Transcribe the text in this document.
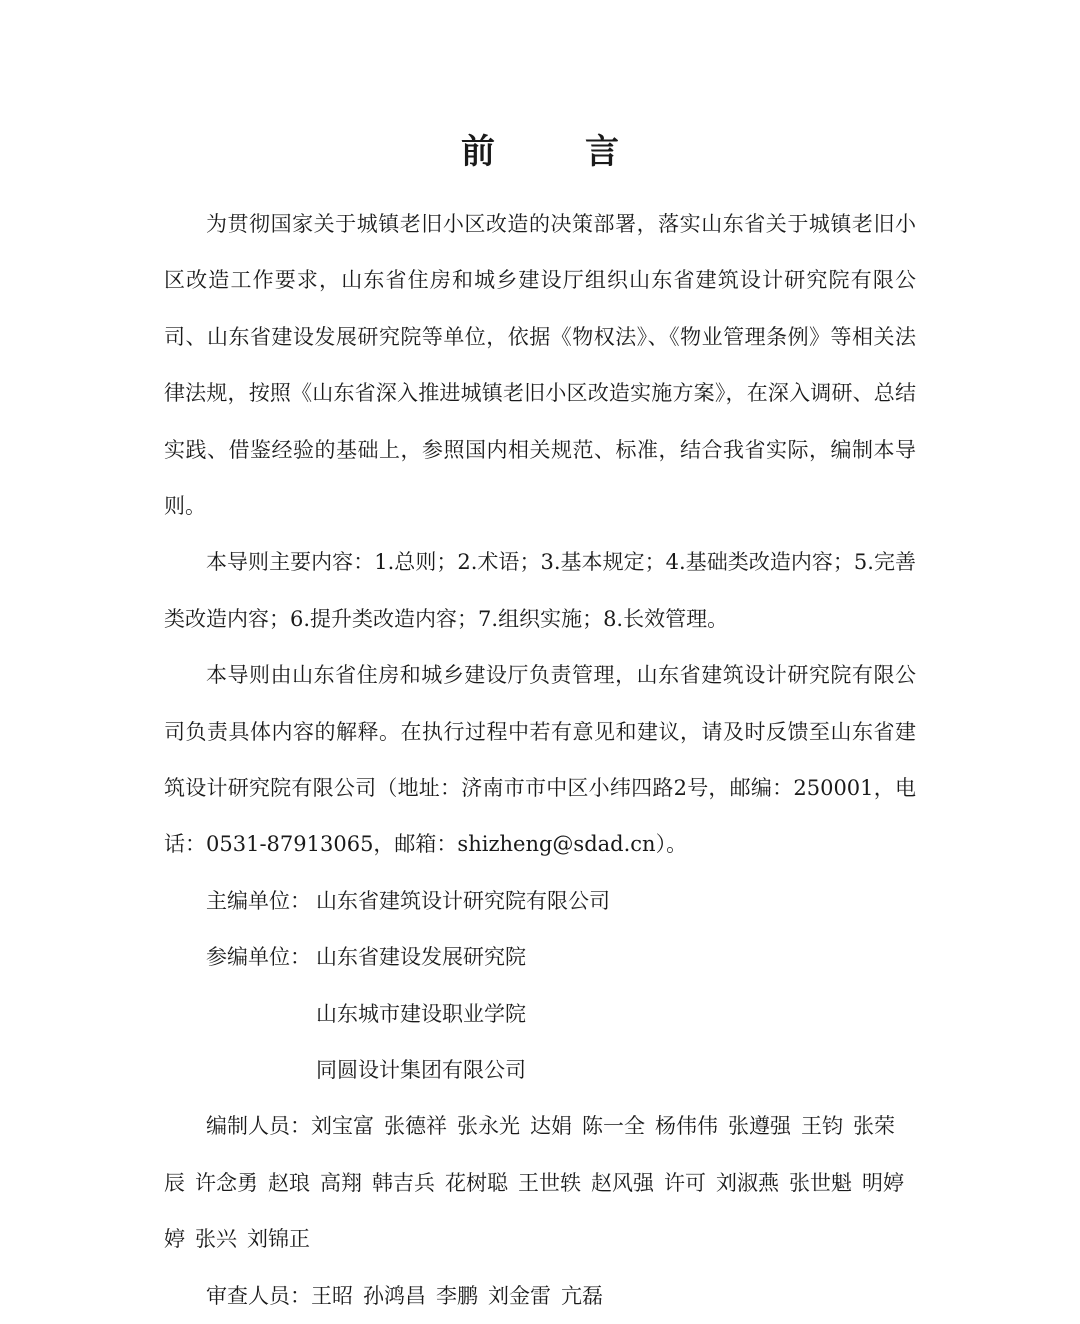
前　言

为贯彻国家关于城镇老旧小区改造的决策部署，落实山东省关于城镇老旧小区改造工作要求，山东省住房和城乡建设厅组织山东省建筑设计研究院有限公司、山东省建设发展研究院等单位，依据《物权法》、《物业管理条例》等相关法律法规，按照《山东省深入推进城镇老旧小区改造实施方案》，在深入调研、总结实践、借鉴经验的基础上，参照国内相关规范、标准，结合我省实际，编制本导则。

本导则主要内容：1.总则；2.术语；3.基本规定；4.基础类改造内容；5.完善类改造内容；6.提升类改造内容；7.组织实施；8.长效管理。

本导则由山东省住房和城乡建设厅负责管理，山东省建筑设计研究院有限公司负责具体内容的解释。在执行过程中若有意见和建议，请及时反馈至山东省建筑设计研究院有限公司（地址：济南市市中区小纬四路2号，邮编：250001，电话：0531-87913065，邮箱：shizheng@sdad.cn）。

主编单位： 山东省建筑设计研究院有限公司
参编单位： 山东省建设发展研究院
山东城市建设职业学院
同圆设计集团有限公司

编制人员：刘宝富 张德祥 张永光 达娟 陈一全 杨伟伟 张遵强 王钧 张荣辰 许念勇 赵琅 高翔 韩吉兵 花树聪 王世轶 赵风强 许可 刘淑燕 张世魁 明婷婷 张兴 刘锦正

审查人员：王昭 孙鸿昌 李鹏 刘金雷 亢磊
